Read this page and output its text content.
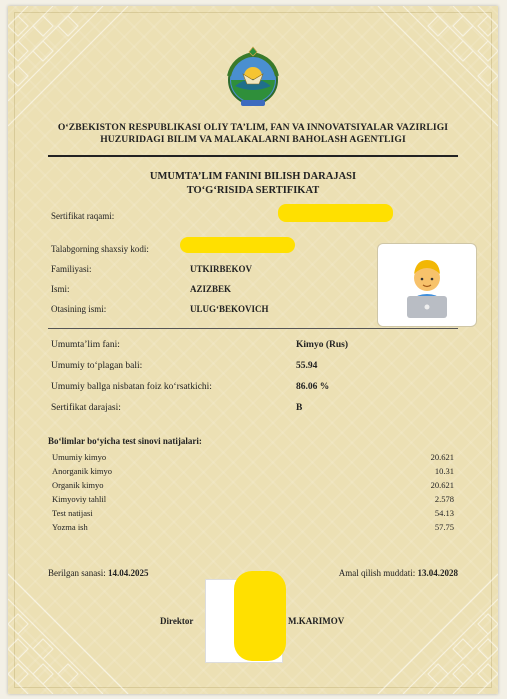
O‘ZBEKISTON RESPUBLIKASI OLIY TA’LIM, FAN VA INNOVATSIYALAR VAZIRLIGI
HUZURIDAGI BILIM VA MALAKALARNI BAHOLASH AGENTLIGI
UMUMTA’LIM FANINI BILISH DARAJASI
TO‘G‘RISIDA SERTIFIKAT
Sertifikat raqami:
Talabgorning shaxsiy kodi:
Familiyasi:	UTKIRBEKOV
Ismi:	AZIZBEK
Otasining ismi:	ULUG‘BEKOVICH
Umumta’lim fani:	Kimyo (Rus)
Umumiy to‘plagan bali:	55.94
Umumiy ballga nisbatan foiz ko‘rsatkichi:	86.06 %
Sertifikat darajasi:	B
Bo‘limlar bo‘yicha test sinovi natijalari:
Umumiy kimyo	20.621
Anorganik kimyo	10.31
Organik kimyo	20.621
Kimyoviy tahlil	2.578
Test natijasi	54.13
Yozma ish	57.75
Berilgan sanasi: 14.04.2025	Amal qilish muddati: 13.04.2028
Direktor	M.KARIMOV
